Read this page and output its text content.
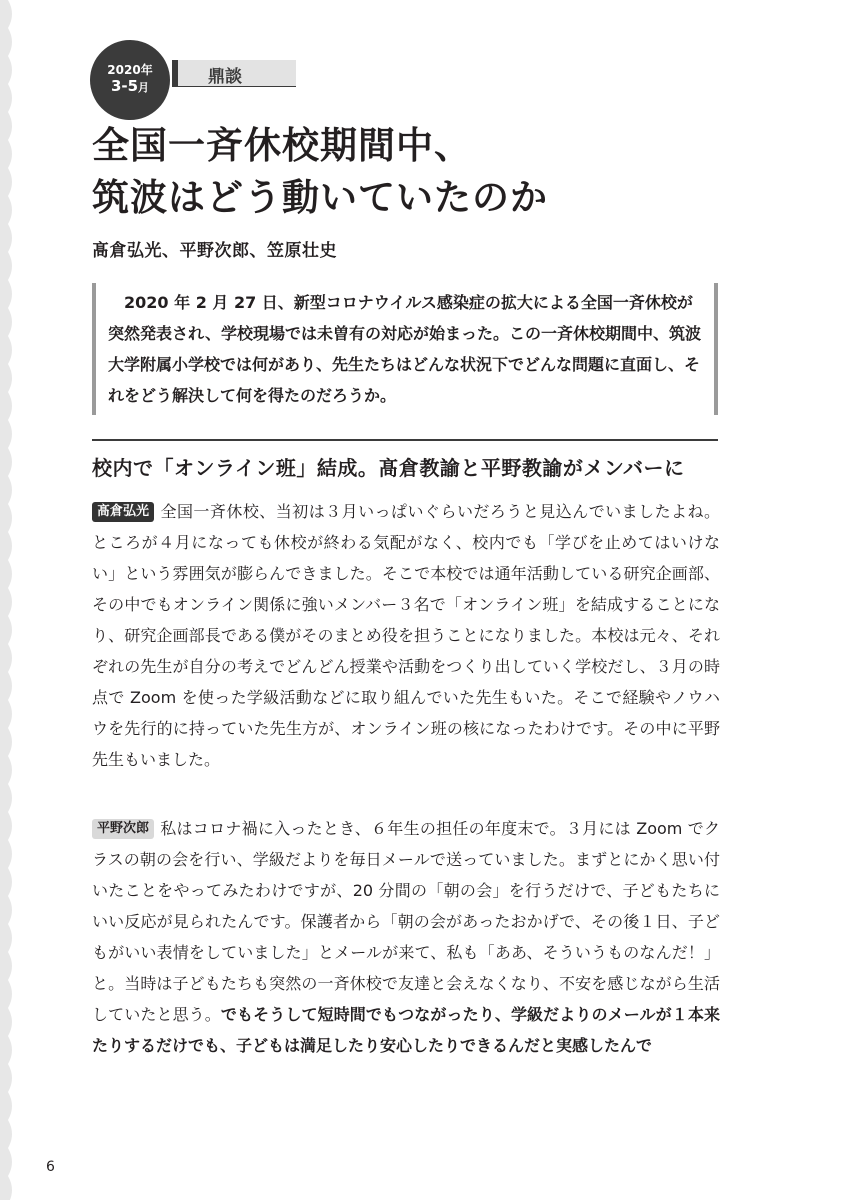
2020年
3-5月
鼎談
全国一斉休校期間中、
筑波はどう動いていたのか
髙倉弘光、平野次郎、笠原壮史

　2020 年 2 月 27 日、新型コロナウイルス感染症の拡大による全国一斉休校が突然発表され、学校現場では未曽有の対応が始まった。この一斉休校期間中、筑波大学附属小学校では何があり、先生たちはどんな状況下でどんな問題に直面し、それをどう解決して何を得たのだろうか。

校内で「オンライン班」結成。髙倉教諭と平野教諭がメンバーに
髙倉弘光 全国一斉休校、当初は３月いっぱいぐらいだろうと見込んでいましたよね。ところが４月になっても休校が終わる気配がなく、校内でも「学びを止めてはいけない」という雰囲気が膨らんできました。そこで本校では通年活動している研究企画部、その中でもオンライン関係に強いメンバー３名で「オンライン班」を結成することになり、研究企画部長である僕がそのまとめ役を担うことになりました。本校は元々、それぞれの先生が自分の考えでどんどん授業や活動をつくり出していく学校だし、３月の時点で Zoom を使った学級活動などに取り組んでいた先生もいた。そこで経験やノウハウを先行的に持っていた先生方が、オンライン班の核になったわけです。その中に平野先生もいました。
平野次郎 私はコロナ禍に入ったとき、６年生の担任の年度末で。３月には Zoom でクラスの朝の会を行い、学級だよりを毎日メールで送っていました。まずとにかく思い付いたことをやってみたわけですが、20 分間の「朝の会」を行うだけで、子どもたちにいい反応が見られたんです。保護者から「朝の会があったおかげで、その後１日、子どもがいい表情をしていました」とメールが来て、私も「ああ、そういうものなんだ！」と。当時は子どもたちも突然の一斉休校で友達と会えなくなり、不安を感じながら生活していたと思う。でもそうして短時間でもつながったり、学級だよりのメールが１本来たりするだけでも、子どもは満足したり安心したりできるんだと実感したんで
6
